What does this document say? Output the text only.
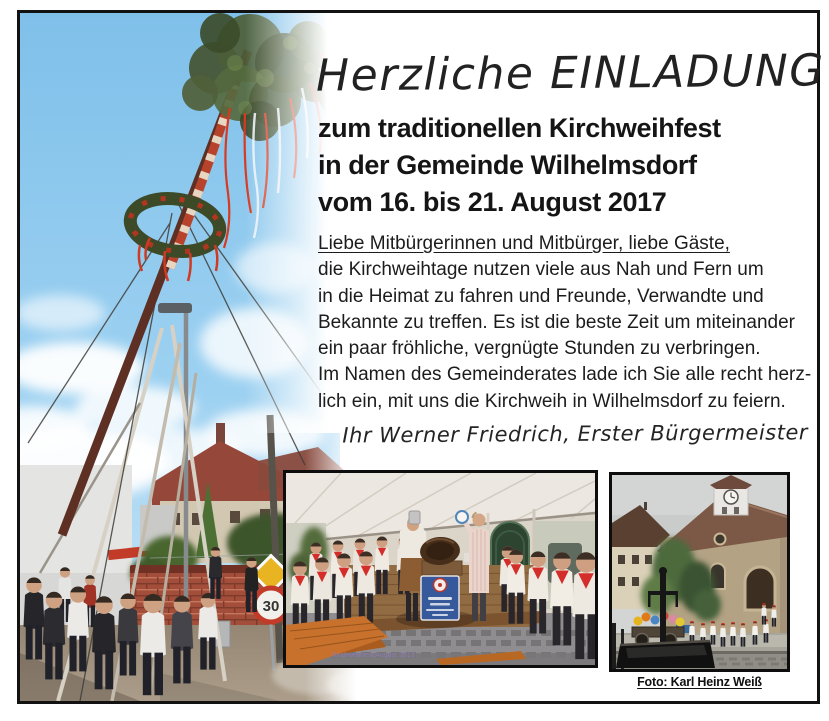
30
Herzliche EINLADUNG
zum traditionellen Kirchweihfest
in der Gemeinde Wilhelmsdorf
vom 16. bis 21. August 2017
Liebe Mitbürgerinnen und Mitbürger, liebe Gäste,
die Kirchweihtage nutzen viele aus Nah und Fern um
in die Heimat zu fahren und Freunde, Verwandte und
Bekannte zu treffen. Es ist die beste Zeit um miteinander
ein paar fröhliche, vergnügte Stunden zu verbringen.
Im Namen des Gemeinderates lade ich Sie alle recht herz-
lich ein, mit uns die Kirchweih in Wilhelmsdorf zu feiern.
Ihr Werner Friedrich, Erster Bürgermeister
Kirchweihfest August 2013
Foto: Karl Heinz Weiß
